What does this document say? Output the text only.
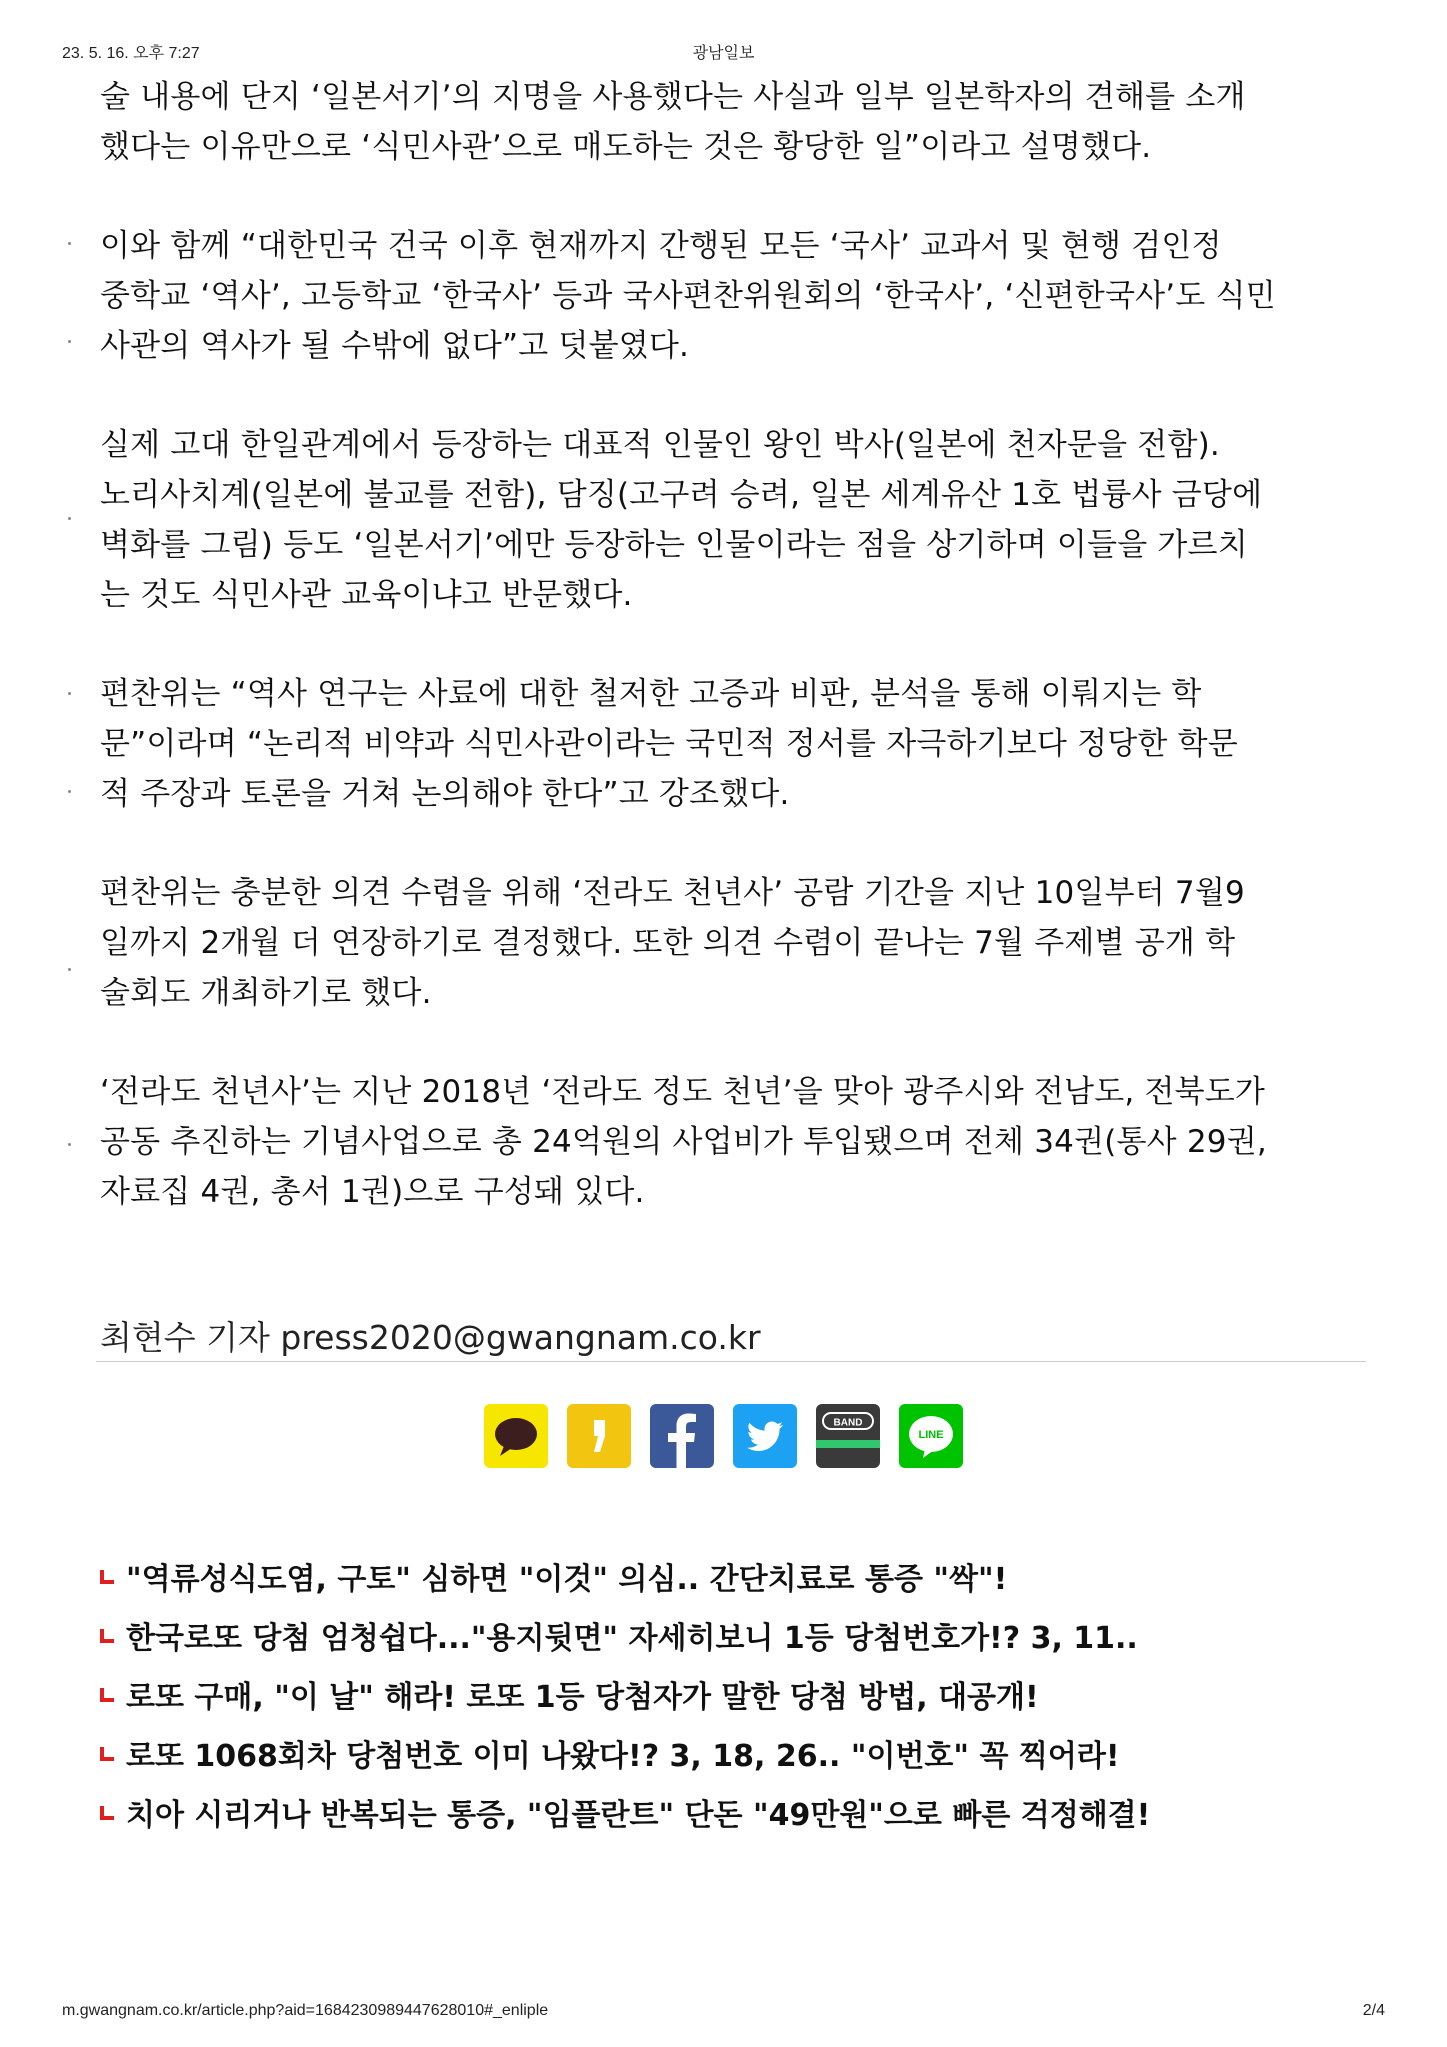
23. 5. 16. 오후 7:27	광남일보

술 내용에 단지 ‘일본서기’의 지명을 사용했다는 사실과 일부 일본학자의 견해를 소개
했다는 이유만으로 ‘식민사관’으로 매도하는 것은 황당한 일”이라고 설명했다.

이와 함께 “대한민국 건국 이후 현재까지 간행된 모든 ‘국사’ 교과서 및 현행 검인정
중학교 ‘역사’, 고등학교 ‘한국사’ 등과 국사편찬위원회의 ‘한국사’, ‘신편한국사’도 식민
사관의 역사가 될 수밖에 없다”고 덧붙였다.

실제 고대 한일관계에서 등장하는 대표적 인물인 왕인 박사(일본에 천자문을 전함).
노리사치계(일본에 불교를 전함), 담징(고구려 승려, 일본 세계유산 1호 법륭사 금당에
벽화를 그림) 등도 ‘일본서기’에만 등장하는 인물이라는 점을 상기하며 이들을 가르치
는 것도 식민사관 교육이냐고 반문했다.

편찬위는 “역사 연구는 사료에 대한 철저한 고증과 비판, 분석을 통해 이뤄지는 학
문”이라며 “논리적 비약과 식민사관이라는 국민적 정서를 자극하기보다 정당한 학문
적 주장과 토론을 거쳐 논의해야 한다”고 강조했다.

편찬위는 충분한 의견 수렴을 위해 ‘전라도 천년사’ 공람 기간을 지난 10일부터 7월9
일까지 2개월 더 연장하기로 결정했다. 또한 의견 수렴이 끝나는 7월 주제별 공개 학
술회도 개최하기로 했다.

‘전라도 천년사’는 지난 2018년 ‘전라도 정도 천년’을 맞아 광주시와 전남도, 전북도가
공동 추진하는 기념사업으로 총 24억원의 사업비가 투입됐으며 전체 34권(통사 29권,
자료집 4권, 총서 1권)으로 구성돼 있다.

최현수 기자 press2020@gwangnam.co.kr
BAND
LINE
"역류성식도염, 구토" 심하면 "이것" 의심.. 간단치료로 통증 "싹"!
한국로또 당첨 엄청쉽다..."용지뒷면" 자세히보니 1등 당첨번호가!? 3, 11..
로또 구매, "이 날" 해라! 로또 1등 당첨자가 말한 당첨 방법, 대공개!
로또 1068회차 당첨번호 이미 나왔다!? 3, 18, 26.. "이번호" 꼭 찍어라!
치아 시리거나 반복되는 통증, "임플란트" 단돈 "49만원"으로 빠른 걱정해결!
m.gwangnam.co.kr/article.php?aid=1684230989447628010#_enliple	2/4
